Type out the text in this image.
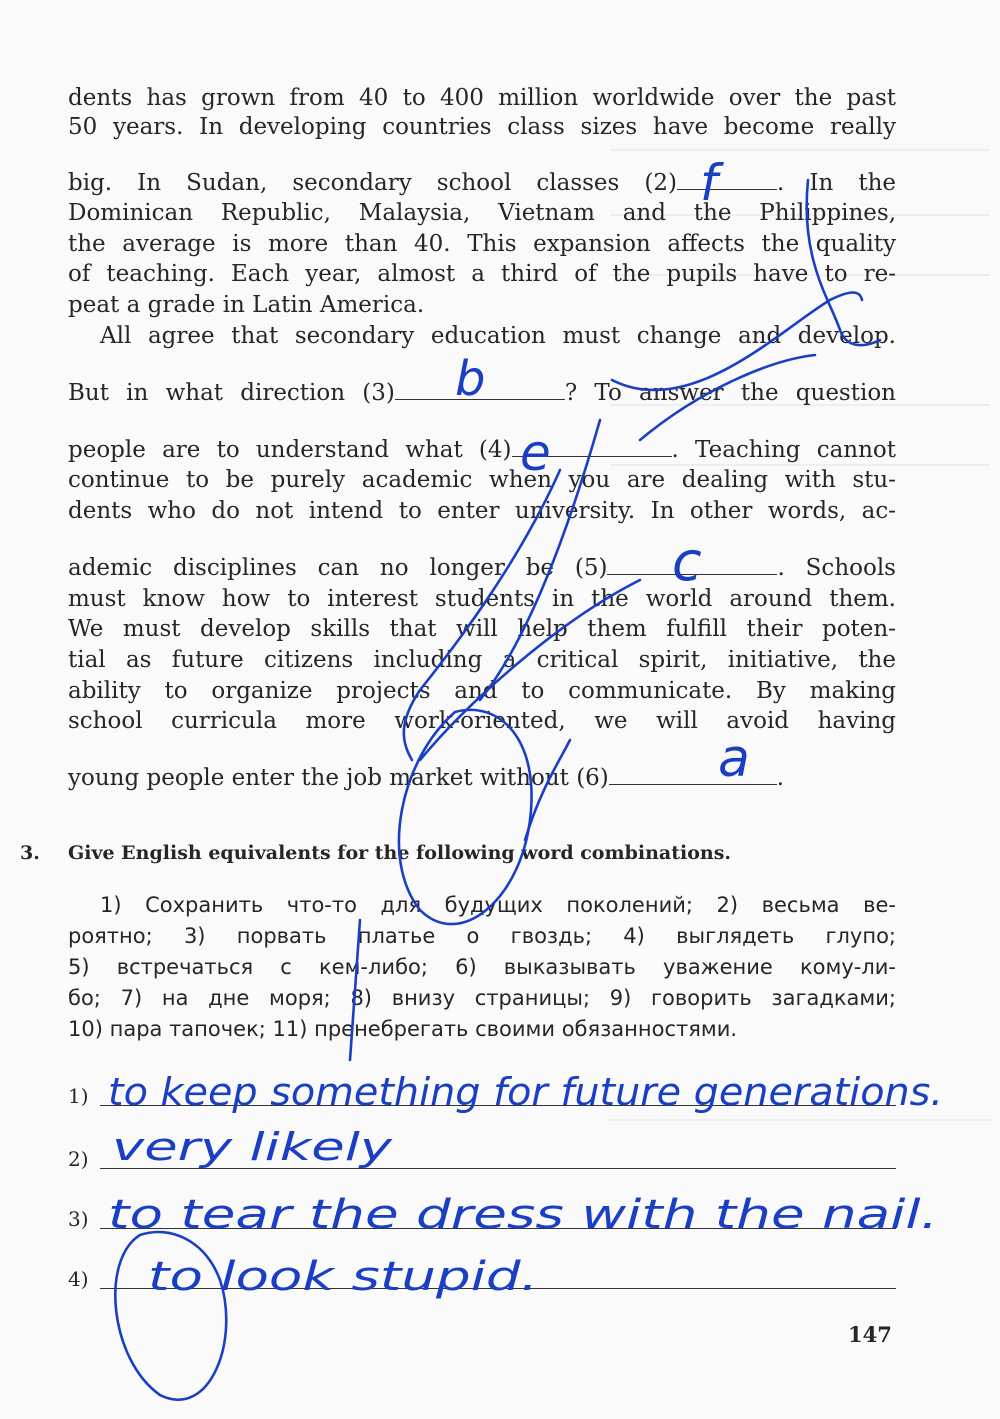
dents has grown from 40 to 400 million worldwide over the past
50 years. In developing countries class sizes have become really
big. In Sudan, secondary school classes (2)	. In the
Dominican Republic, Malaysia, Vietnam and the Philippines,
the average is more than 40. This expansion affects the quality
of teaching. Each year, almost a third of the pupils have to re-
peat a grade in Latin America.
All agree that secondary education must change and develop.
But in what direction (3)	? To answer the question
people are to understand what (4)	. Teaching cannot
continue to be purely academic when you are dealing with stu-
dents who do not intend to enter university. In other words, ac-
ademic disciplines can no longer be (5)	. Schools
must know how to interest students in the world around them.
We must develop skills that will help them fulfill their poten-
tial as future citizens including a critical spirit, initiative, the
ability to organize projects and to communicate. By making
school curricula more work-oriented, we will avoid having
young people enter the job market without (6)	.
3. Give English equivalents for the following word combinations.
1) Сохранить что-то для будущих поколений; 2) весьма ве-
роятно; 3) порвать платье о гвоздь; 4) выглядеть глупо;
5) встречаться с кем-либо; 6) выказывать уважение кому-ли-
бо; 7) на дне моря; 8) внизу страницы; 9) говорить загадками;
10) пара тапочек; 11) пренебрегать своими обязанностями.
1)
2)
3)
4)
147
f
b
e
c
a
to keep something for future generations.
very likely
to tear the dress with the nail.
to look stupid.
